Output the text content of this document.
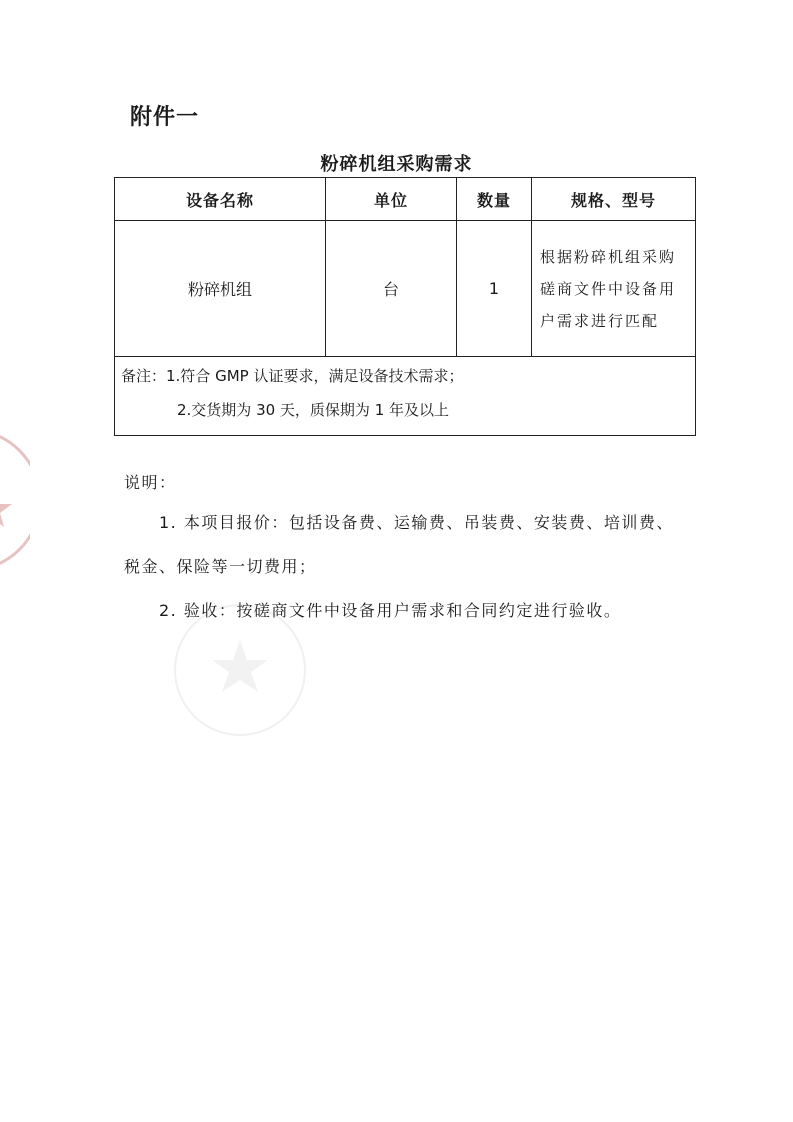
附件一
粉碎机组采购需求
设备名称	单位	数量	规格、型号
粉碎机组	台	1	根据粉碎机组采购
磋商文件中设备用
户需求进行匹配

备注：1.符合 GMP 认证要求，满足设备技术需求；
2.交货期为 30 天，质保期为 1 年及以上			
说明：
1. 本项目报价：包括设备费、运输费、吊装费、安装费、培训费、
税金、保险等一切费用；
2. 验收：按磋商文件中设备用户需求和合同约定进行验收。
